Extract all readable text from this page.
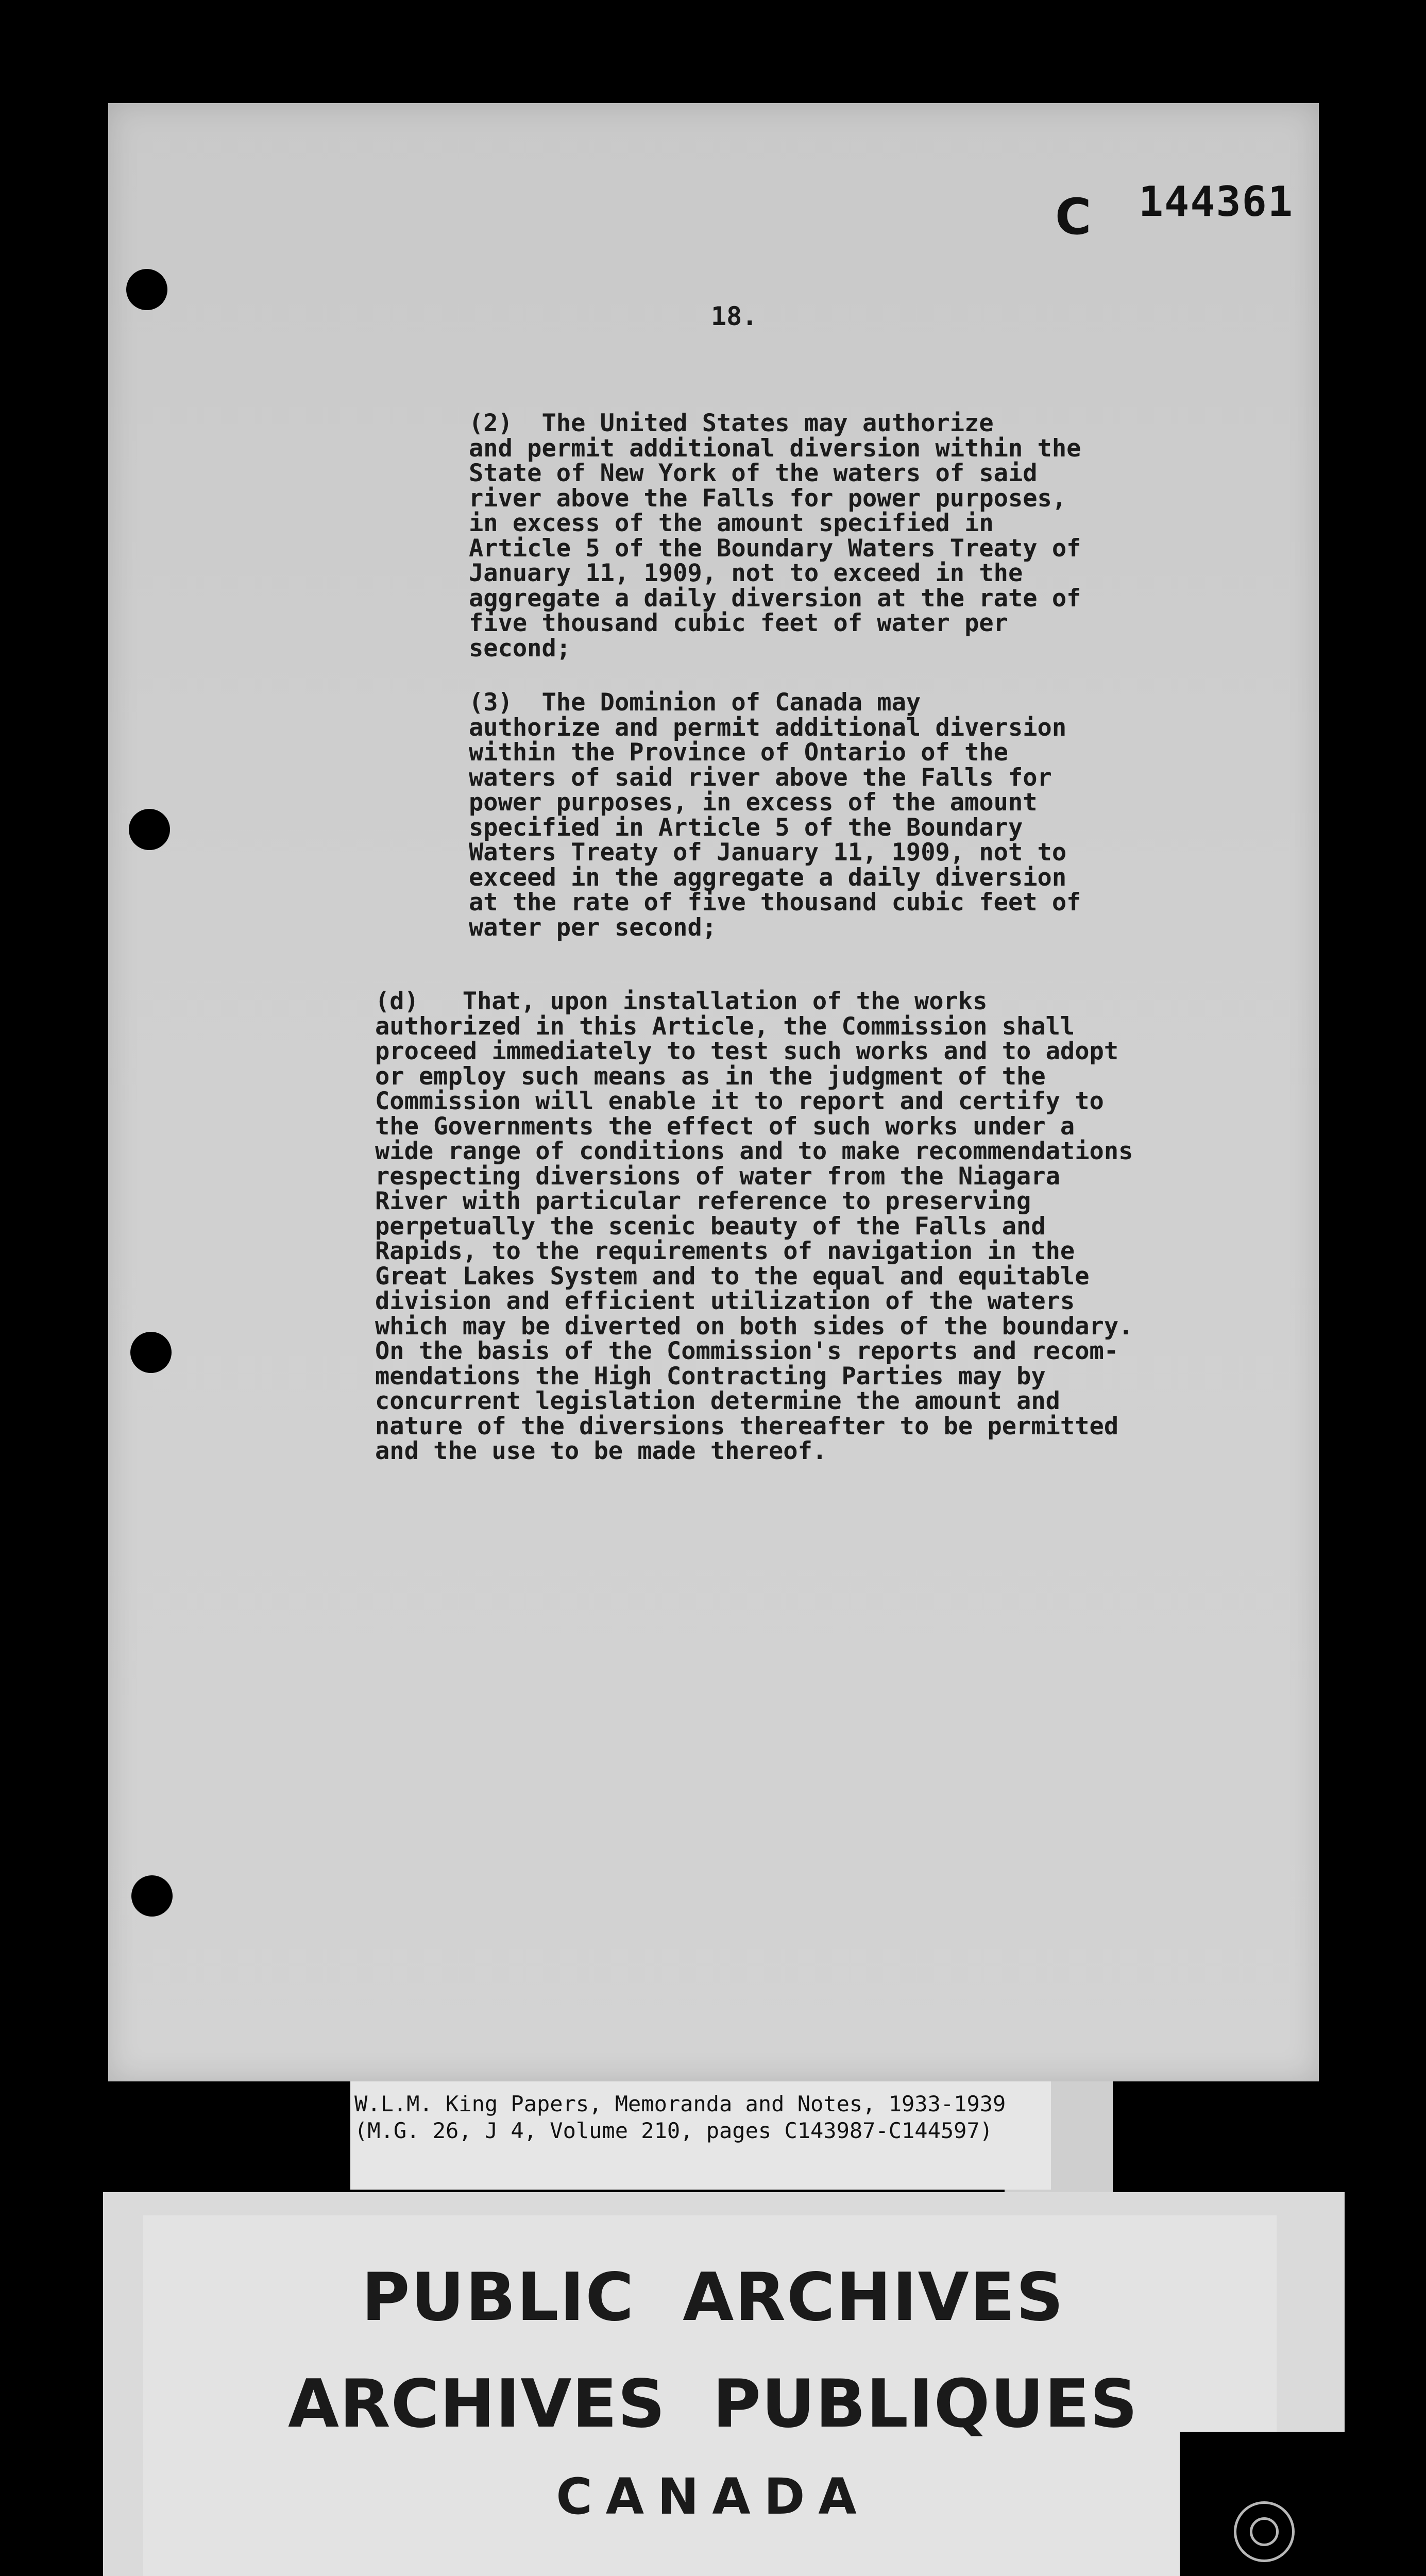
C 144361
18.
(2)  The United States may authorize
and permit additional diversion within the
State of New York of the waters of said
river above the Falls for power purposes,
in excess of the amount specified in
Article 5 of the Boundary Waters Treaty of
January 11, 1909, not to exceed in the
aggregate a daily diversion at the rate of
five thousand cubic feet of water per
second;
(3)  The Dominion of Canada may
authorize and permit additional diversion
within the Province of Ontario of the
waters of said river above the Falls for
power purposes, in excess of the amount
specified in Article 5 of the Boundary
Waters Treaty of January 11, 1909, not to
exceed in the aggregate a daily diversion
at the rate of five thousand cubic feet of
water per second;
(d)   That, upon installation of the works
authorized in this Article, the Commission shall
proceed immediately to test such works and to adopt
or employ such means as in the judgment of the
Commission will enable it to report and certify to
the Governments the effect of such works under a
wide range of conditions and to make recommendations
respecting diversions of water from the Niagara
River with particular reference to preserving
perpetually the scenic beauty of the Falls and
Rapids, to the requirements of navigation in the
Great Lakes System and to the equal and equitable
division and efficient utilization of the waters
which may be diverted on both sides of the boundary.
On the basis of the Commission's reports and recom-
mendations the High Contracting Parties may by
concurrent legislation determine the amount and
nature of the diversions thereafter to be permitted
and the use to be made thereof.
W.L.M. King Papers, Memoranda and Notes, 1933-1939
(M.G. 26, J 4, Volume 210, pages C143987-C144597)
PUBLIC  ARCHIVES
ARCHIVES  PUBLIQUES
CANADA
